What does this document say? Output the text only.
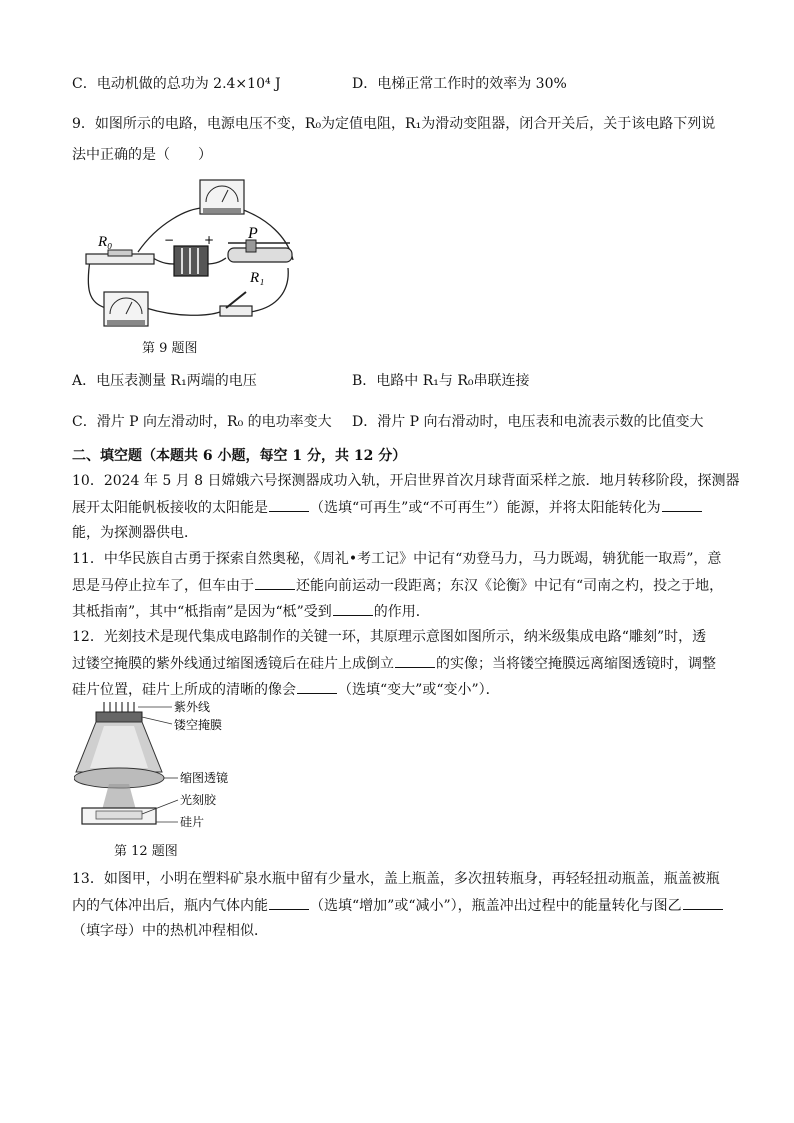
C．电动机做的总功为 2.4×10⁴ J	D．电梯正常工作时的效率为 30%
9．如图所示的电路，电源电压不变，R₀为定值电阻，R₁为滑动变阻器，闭合开关后，关于该电路下列说
法中正确的是（　　）
R₀	− + P
R₁
第 9 题图
A．电压表测量 R₁两端的电压	B．电路中 R₁与 R₀串联连接
C．滑片 P 向左滑动时，R₀ 的电功率变大 D．滑片 P 向右滑动时，电压表和电流表示数的比值变大
二、填空题（本题共 6 小题，每空 1 分，共 12 分）
10．2024 年 5 月 8 日嫦娥六号探测器成功入轨，开启世界首次月球背面采样之旅．地月转移阶段，探测器
展开太阳能帆板接收的太阳能是	（选填“可再生”或“不可再生”）能源，并将太阳能转化为
能，为探测器供电．
11．中华民族自古勇于探索自然奥秘，《周礼•考工记》中记有“劝登马力，马力既竭，辀犹能一取焉”，意
思是马停止拉车了，但车由于	还能向前运动一段距离；东汉《论衡》中记有“司南之杓，投之于地，
其柢指南”，其中“柢指南”是因为“柢”受到	的作用．
12．光刻技术是现代集成电路制作的关键一环，其原理示意图如图所示，纳米级集成电路“雕刻”时，透
过镂空掩膜的紫外线通过缩图透镜后在硅片上成倒立	的实像；当将镂空掩膜远离缩图透镜时，调整
硅片位置，硅片上所成的清晰的像会	（选填“变大”或“变小”）．
紫外线
镂空掩膜
缩图透镜
光刻胶
硅片
第 12 题图
13．如图甲，小明在塑料矿泉水瓶中留有少量水，盖上瓶盖，多次扭转瓶身，再轻轻扭动瓶盖，瓶盖被瓶
内的气体冲出后，瓶内气体内能	（选填“增加”或“减小”），瓶盖冲出过程中的能量转化与图乙
（填字母）中的热机冲程相似．
